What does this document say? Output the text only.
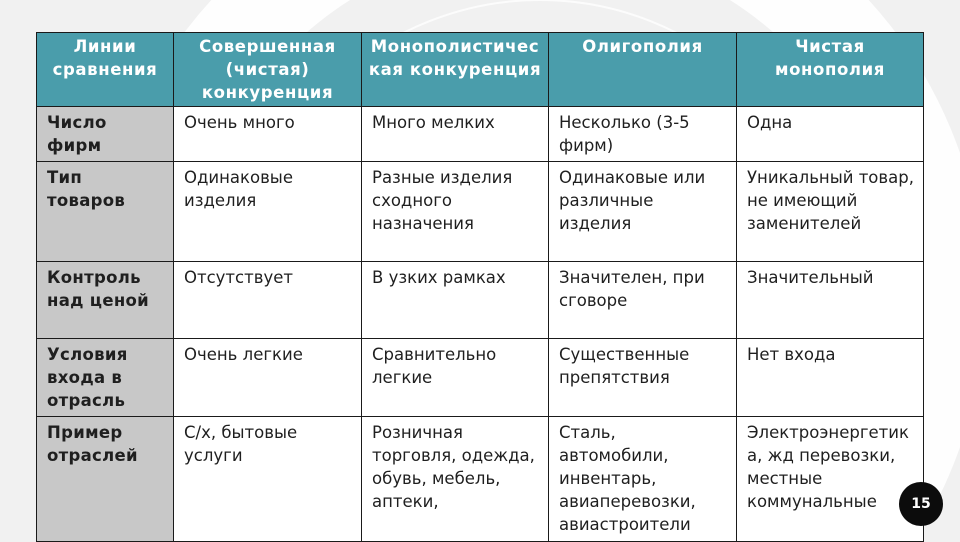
Линии сравнения	Совершенная (чистая) конкуренция	Монополистическая конкуренция	Олигополия	Чистая монополия
Число фирм	Очень много	Много мелких	Несколько (3-5 фирм)	Одна
Тип товаров	Одинаковые изделия	Разные изделия сходного назначения	Одинаковые или различные изделия	Уникальный товар, не имеющий заменителей
Контроль над ценой	Отсутствует	В узких рамках	Значителен, при сговоре	Значительный
Условия входа в отрасль	Очень легкие	Сравнительно легкие	Существенные препятствия	Нет входа
Пример отраслей	С/х, бытовые услуги	Розничная торговля, одежда, обувь, мебель, аптеки,	Сталь, автомобили, инвентарь, авиаперевозки, авиастроители	Электроэнергетика, жд перевозки, местные коммунальные	15
